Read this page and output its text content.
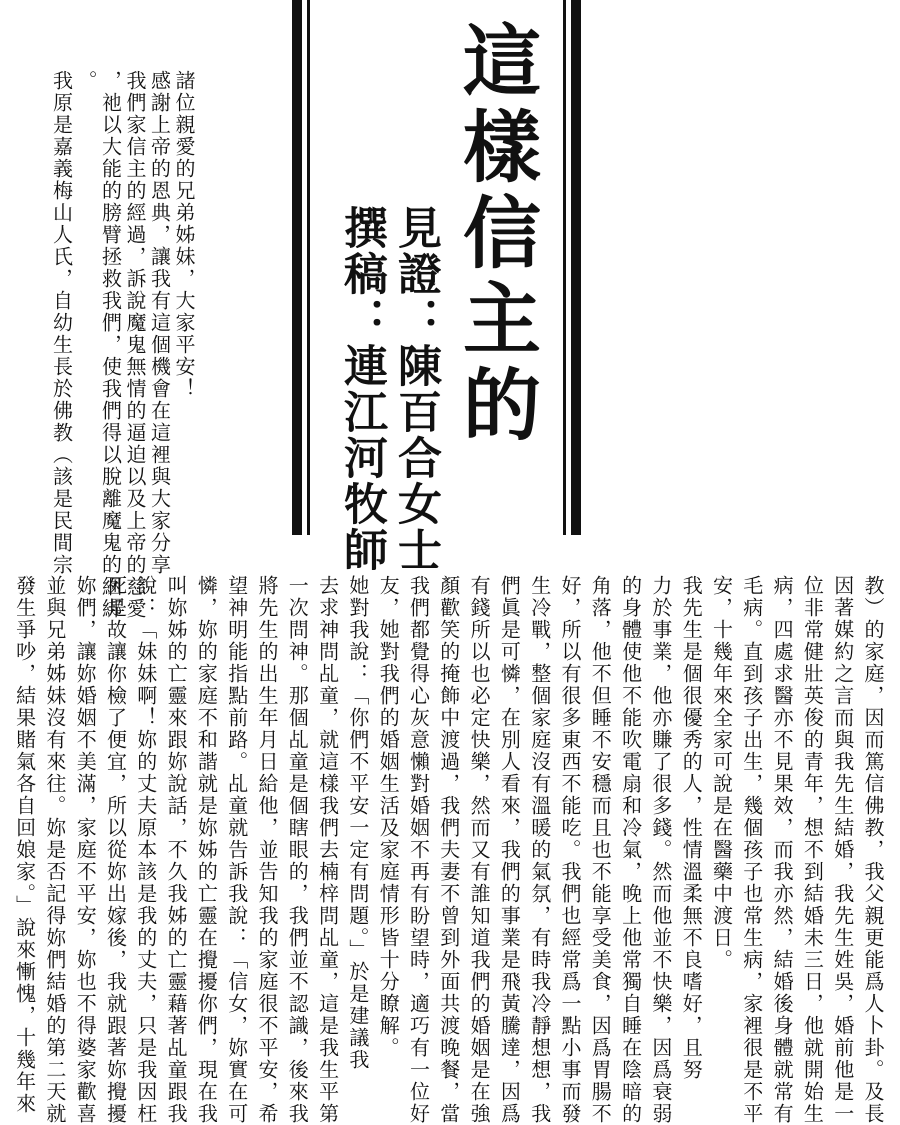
這樣信主的
見證：陳百合女士
撰稿：連江河牧師
諸位親愛的兄弟姊妹，大家平安！
感謝上帝的恩典，讓我有這個機會在這裡與大家分享
我們家信主的經過，訴說魔鬼無情的逼迫以及上帝的慈愛
，祂以大能的膀臂拯救我們，使我們得以脫離魔鬼的綑綁
。
我原是嘉義梅山人氏，自幼生長於佛教（該是民間宗
教）的家庭，因而篤信佛教，我父親更能爲人卜卦。及長
因著媒約之言而與我先生結婚，我先生姓吳，婚前他是一
位非常健壯英俊的青年，想不到結婚未三日，他就開始生
病，四處求醫亦不見果效，而我亦然，結婚後身體就常有
毛病。直到孩子出生，幾個孩子也常生病，家裡很是不平
安，十幾年來全家可說是在醫藥中渡日。
我先生是個很優秀的人，性情溫柔無不良嗜好，且努
力於事業，他亦賺了很多錢。然而他並不快樂，因爲衰弱
的身體使他不能吹電扇和冷氣，晚上他常獨自睡在陰暗的
角落，他不但睡不安穩而且也不能享受美食，因爲胃腸不
好，所以有很多東西不能吃。我們也經常爲一點小事而發
生冷戰，整個家庭沒有溫暖的氣氛，有時我冷靜想想，我
們眞是可憐，在別人看來，我們的事業是飛黃騰達，因爲
有錢所以也必定快樂，然而又有誰知道我們的婚姻是在強
顏歡笑的掩飾中渡過，我們夫妻不曾到外面共渡晚餐，當
我們都覺得心灰意懶對婚姻不再有盼望時，適巧有一位好
友，她對我們的婚姻生活及家庭情形皆十分瞭解。
她對我說：「你們不平安一定有問題。」於是建議我
去求神問乩童，就這樣我們去楠梓問乩童，這是我生平第
一次問神。那個乩童是個瞎眼的，我們並不認識，後來我
將先生的出生年月日給他，並告知我的家庭很不平安，希
望神明能指點前路。乩童就告訴我說：「信女，妳實在可
憐，妳的家庭不和諧就是妳姊的亡靈在攪擾你們，現在我
叫妳姊的亡靈來跟妳說話，不久我姊的亡靈藉著乩童跟我
說：「妹妹啊！妳的丈夫原本該是我的丈夫，只是我因枉
死是故讓你檢了便宜，所以從妳出嫁後，我就跟著妳攪擾
妳們，讓妳婚姻不美滿，家庭不平安，妳也不得婆家歡喜
並與兄弟姊妹沒有來往。妳是否記得妳們結婚的第二天就
發生爭吵，結果賭氣各自回娘家。」說來慚愧，十幾年來
